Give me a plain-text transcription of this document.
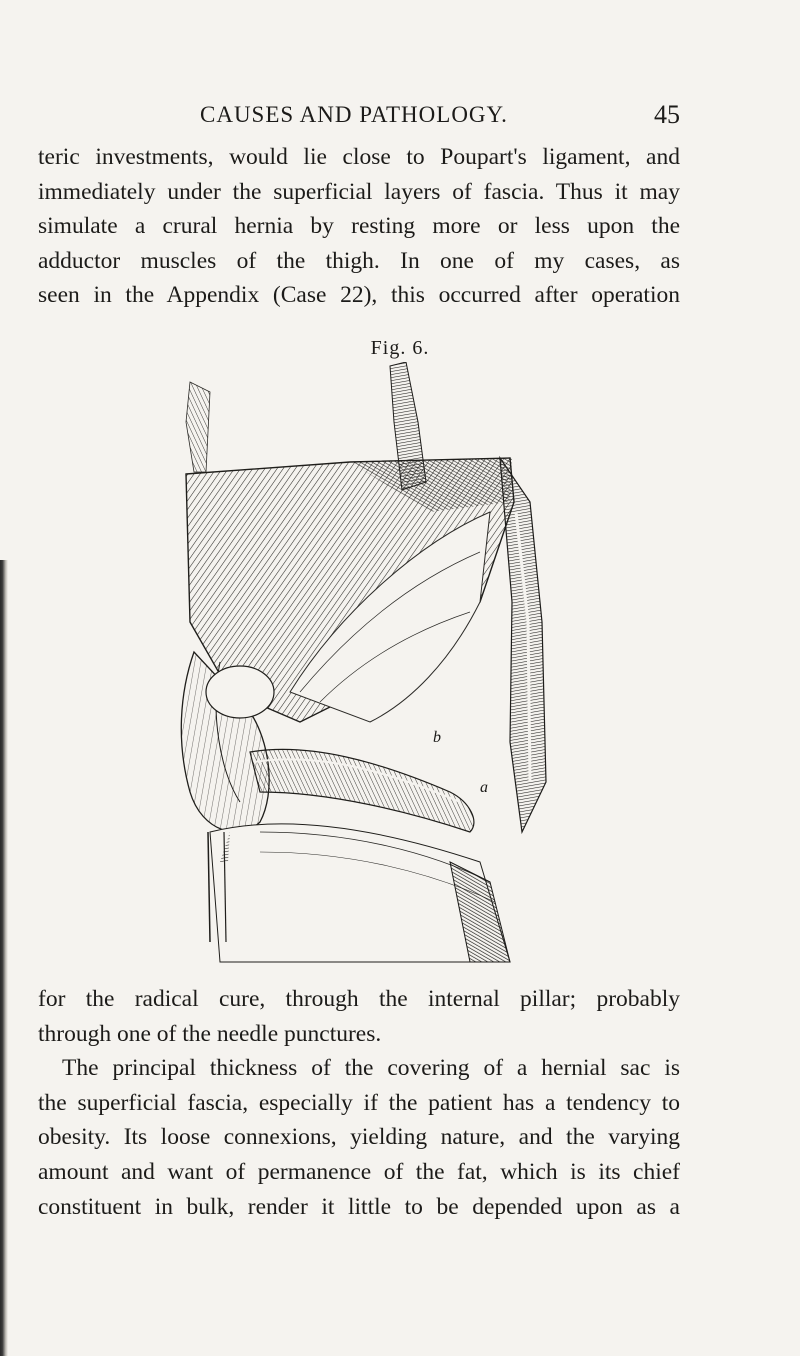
CAUSES AND PATHOLOGY.	45
teric investments, would lie close to Poupart's ligament, and
immediately under the superficial layers of fascia. Thus it may
simulate a crural hernia by resting more or less upon the
adductor muscles of the thigh. In one of my cases, as
seen in the Appendix (Case 22), this occurred after operation
Fig. 6.
b
a
for the radical cure, through the internal pillar; probably
through one of the needle punctures.
The principal thickness of the covering of a hernial sac is
the superficial fascia, especially if the patient has a tendency to
obesity. Its loose connexions, yielding nature, and the varying
amount and want of permanence of the fat, which is its chief
constituent in bulk, render it little to be depended upon as a
